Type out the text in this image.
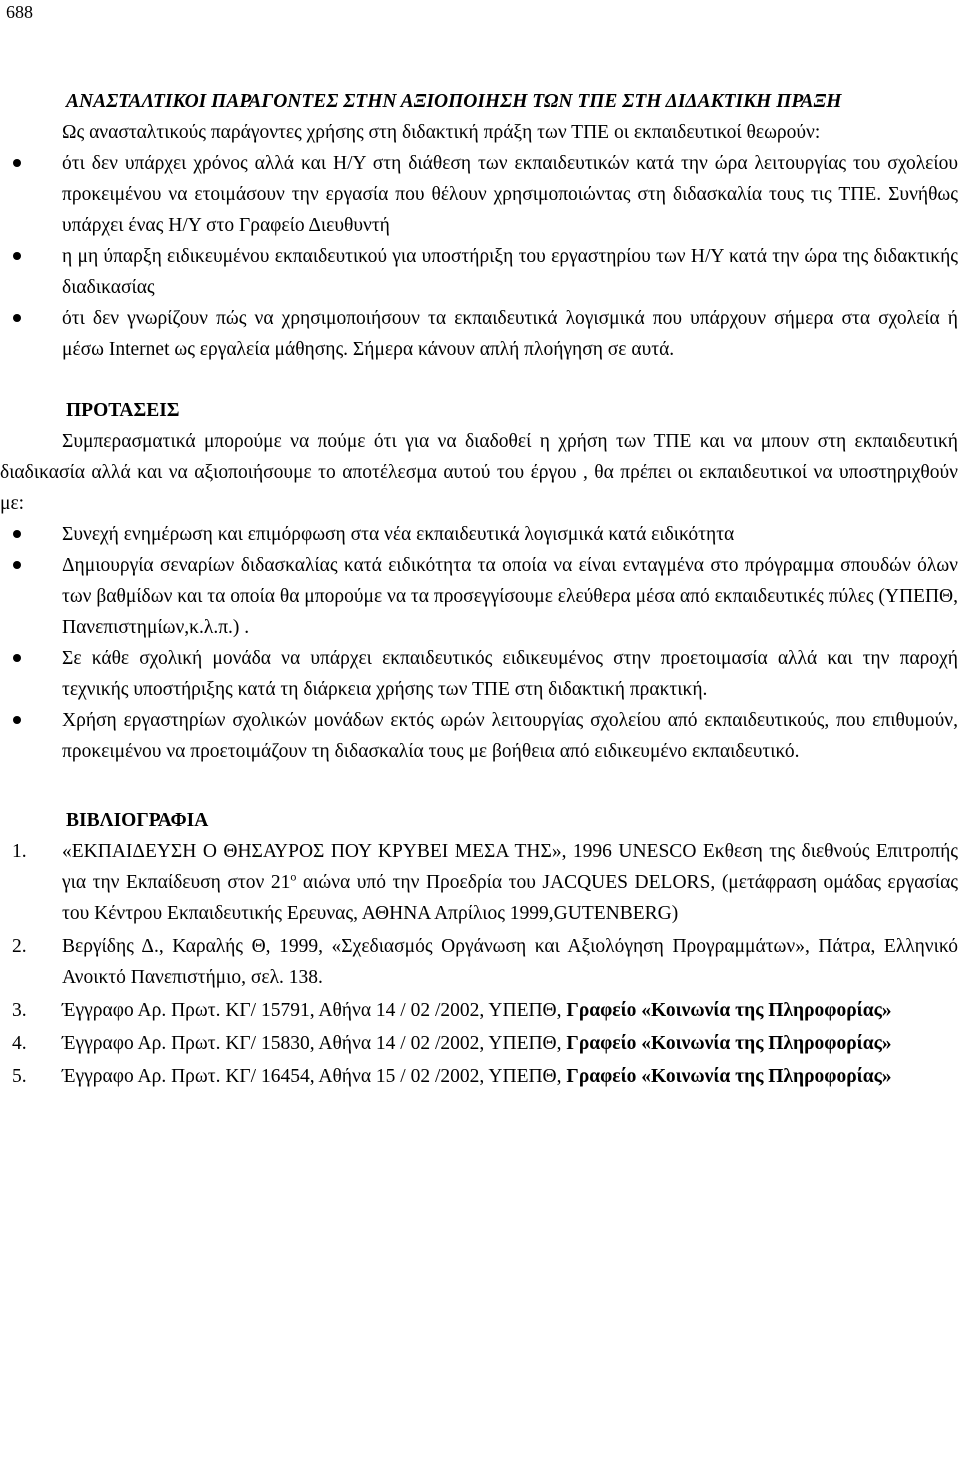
688

ΑΝΑΣΤΑΛΤΙΚΟΙ ΠΑΡΑΓΟΝΤΕΣ ΣΤΗΝ ΑΞΙΟΠΟΙΗΣΗ ΤΩΝ ΤΠΕ ΣΤΗ ΔΙΔΑΚΤΙΚΗ ΠΡΑΞΗ

Ως ανασταλτικούς παράγοντες χρήσης στη διδακτική πράξη των ΤΠΕ οι εκπαιδευτικοί θεωρούν:

ότι δεν υπάρχει χρόνος αλλά και Η/Υ στη διάθεση των εκπαιδευτικών κατά την ώρα λειτουργίας του σχολείου προκειμένου να ετοιμάσουν την εργασία που θέλουν χρησιμοποιώντας στη διδασκαλία τους τις ΤΠΕ. Συνήθως υπάρχει ένας Η/Υ στο Γραφείο Διευθυντή
η μη ύπαρξη ειδικευμένου εκπαιδευτικού για υποστήριξη του εργαστηρίου των Η/Υ κατά την ώρα της διδακτικής διαδικασίας
ότι δεν γνωρίζουν πώς να χρησιμοποιήσουν τα εκπαιδευτικά λογισμικά που υπάρχουν σήμερα στα σχολεία ή μέσω Internet ως εργαλεία μάθησης. Σήμερα κάνουν απλή πλοήγηση σε αυτά.

ΠΡΟΤΑΣΕΙΣ

Συμπερασματικά μπορούμε να πούμε ότι για να διαδοθεί η χρήση των ΤΠΕ και να μπουν στη εκπαιδευτική διαδικασία αλλά και να αξιοποιήσουμε το αποτέλεσμα αυτού του έργου , θα πρέπει οι εκπαιδευτικοί να υποστηριχθούν με:

Συνεχή ενημέρωση και επιμόρφωση στα νέα εκπαιδευτικά λογισμικά κατά ειδικότητα
Δημιουργία σεναρίων διδασκαλίας κατά ειδικότητα τα οποία να είναι ενταγμένα στο πρόγραμμα σπουδών όλων των βαθμίδων και τα οποία θα μπορούμε να τα προσεγγίσουμε ελεύθερα μέσα από εκπαιδευτικές πύλες (ΥΠΕΠΘ, Πανεπιστημίων,κ.λ.π.) .
Σε κάθε σχολική μονάδα να υπάρχει εκπαιδευτικός ειδικευμένος στην προετοιμασία αλλά και την παροχή τεχνικής υποστήριξης κατά τη διάρκεια χρήσης των ΤΠΕ στη διδακτική πρακτική.
Χρήση εργαστηρίων σχολικών μονάδων εκτός ωρών λειτουργίας σχολείου από εκπαιδευτικούς, που επιθυμούν, προκειμένου να προετοιμάζουν τη διδασκαλία τους με βοήθεια από ειδικευμένο εκπαιδευτικό.

ΒΙΒΛΙΟΓΡΑΦΙΑ

1. «ΕΚΠΑΙΔΕΥΣΗ Ο ΘΗΣΑΥΡΟΣ ΠΟΥ ΚΡΥΒΕΙ ΜΕΣΑ ΤΗΣ», 1996 UNESCO Εκθεση της διεθνούς Επιτροπής για την Εκπαίδευση στον $21^o$ αιώνα υπό την Προεδρία του JACQUES DELORS, (μετάφραση ομάδας εργασίας του Κέντρου Εκπαιδευτικής Ερευνας, ΑΘΗΝΑ Απρίλιος 1999,GUTENBERG)
2. Βεργίδης Δ., Καραλής Θ, 1999, «Σχεδιασμός Οργάνωση και Αξιολόγηση Προγραμμάτων», Πάτρα, Ελληνικό Ανοικτό Πανεπιστήμιο, σελ. 138.
3. Έγγραφο Αρ. Πρωτ. ΚΓ/ 15791, Αθήνα 14 / 02 /2002, ΥΠΕΠΘ, Γραφείο «Κοινωνία της Πληροφορίας»
4. Έγγραφο Αρ. Πρωτ. ΚΓ/ 15830, Αθήνα 14 / 02 /2002, ΥΠΕΠΘ, Γραφείο «Κοινωνία της Πληροφορίας»
5. Έγγραφο Αρ. Πρωτ. ΚΓ/ 16454, Αθήνα 15 / 02 /2002, ΥΠΕΠΘ, Γραφείο «Κοινωνία της Πληροφορίας»
